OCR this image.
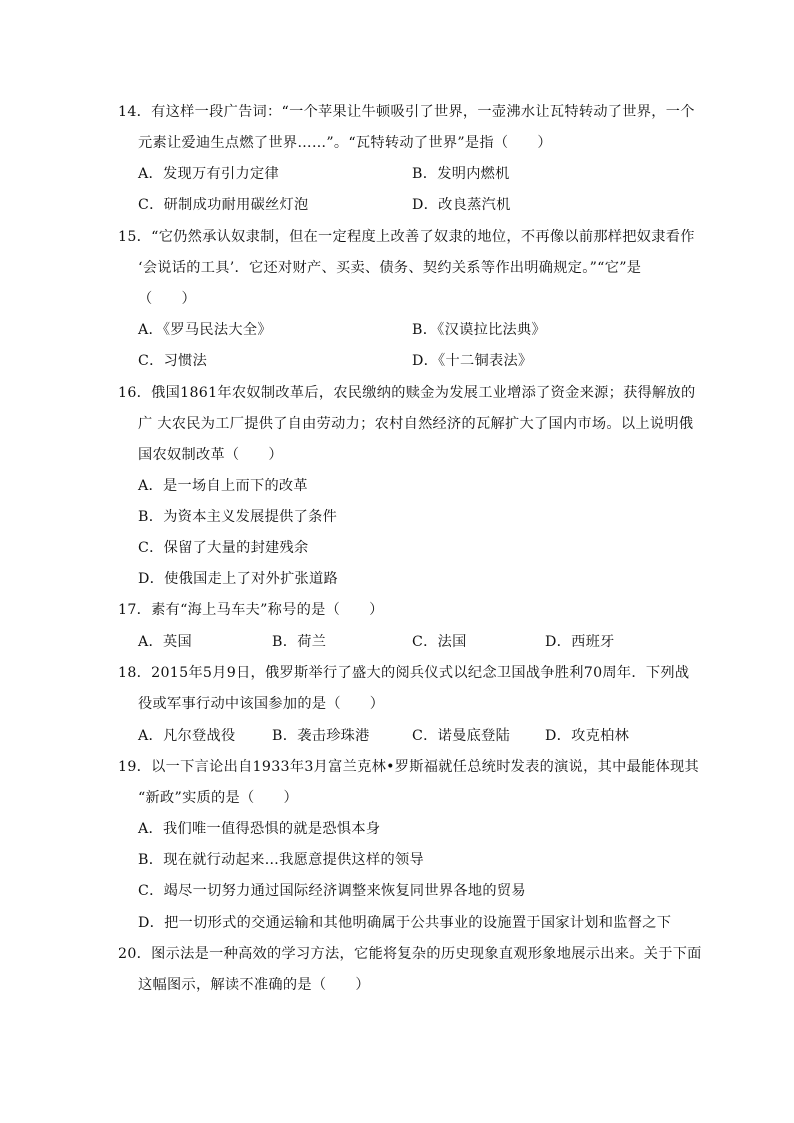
14．有这样一段广告词：“一个苹果让牛顿吸引了世界，一壶沸水让瓦特转动了世界，一个
元素让爱迪生点燃了世界……”。“瓦特转动了世界”是指（　　）
A．发现万有引力定律	B．发明内燃机
C．研制成功耐用碳丝灯泡	D．改良蒸汽机
15．“它仍然承认奴隶制，但在一定程度上改善了奴隶的地位，不再像以前那样把奴隶看作
‘会说话的工具’．它还对财产、买卖、债务、契约关系等作出明确规定。”“它”是
（　　）
A．《罗马民法大全》	B．《汉谟拉比法典》
C．习惯法	D．《十二铜表法》
16．俄国1861年农奴制改革后，农民缴纳的赎金为发展工业增添了资金来源；获得解放的
广 大农民为工厂提供了自由劳动力；农村自然经济的瓦解扩大了国内市场。以上说明俄
国农奴制改革（　　）
A．是一场自上而下的改革
B．为资本主义发展提供了条件
C．保留了大量的封建残余
D．使俄国走上了对外扩张道路
17．素有“海上马车夫”称号的是（　　）
A．英国	B．荷兰	C．法国	D．西班牙
18．2015年5月9日，俄罗斯举行了盛大的阅兵仪式以纪念卫国战争胜利70周年．下列战
役或军事行动中该国参加的是（　　）
A．凡尔登战役	B．袭击珍珠港	C．诺曼底登陆 D．攻克柏林
19．以一下言论出自1933年3月富兰克林•罗斯福就任总统时发表的演说，其中最能体现其
“新政”实质的是（　　）
A．我们唯一值得恐惧的就是恐惧本身
B．现在就行动起来…我愿意提供这样的领导
C．竭尽一切努力通过国际经济调整来恢复同世界各地的贸易
D．把一切形式的交通运输和其他明确属于公共事业的设施置于国家计划和监督之下
20．图示法是一种高效的学习方法，它能将复杂的历史现象直观形象地展示出来。关于下面
这幅图示，解读不准确的是（　　）
